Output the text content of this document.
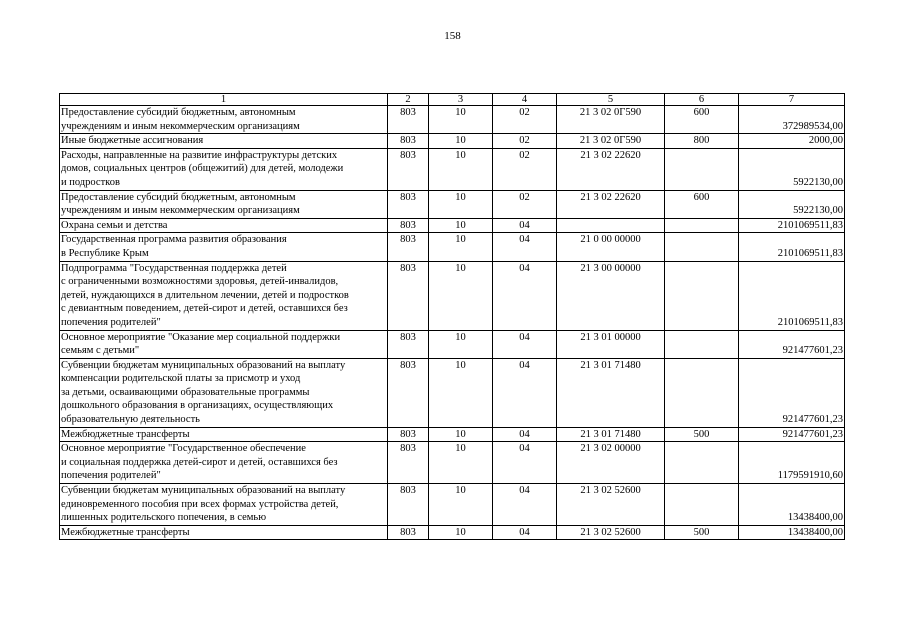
158
1	2	3	4	5	6	7

Предоставление субсидий бюджетным, автономным
учреждениям и иным некоммерческим организациям	803	10	02	21 3 02 0Г590	600	372989534,00

Иные бюджетные ассигнования	803	10	02	21 3 02 0Г590	800	2000,00

Расходы, направленные на развитие инфраструктуры детских
домов, социальных центров (общежитий) для детей, молодежи
и подростков	803	10	02	21 3 02 22620		5922130,00

Предоставление субсидий бюджетным, автономным
учреждениям и иным некоммерческим организациям	803	10	02	21 3 02 22620	600	5922130,00

Охрана семьи и детства	803	10	04			2101069511,83

Государственная программа развития образования
в Республике Крым	803	10	04	21 0 00 00000		2101069511,83

Подпрограмма "Государственная поддержка детей
с ограниченными возможностями здоровья, детей-инвалидов,
детей, нуждающихся в длительном лечении, детей и подростков
с девиантным поведением, детей-сирот и детей, оставшихся без
попечения родителей"	803	10	04	21 3 00 00000		2101069511,83

Основное мероприятие "Оказание мер социальной поддержки
семьям с детьми"	803	10	04	21 3 01 00000		921477601,23

Субвенции бюджетам муниципальных образований на выплату
компенсации родительской платы за присмотр и уход
за детьми, осваивающими образовательные программы
дошкольного образования в организациях, осуществляющих
образовательную деятельность	803	10	04	21 3 01 71480		921477601,23

Межбюджетные трансферты	803	10	04	21 3 01 71480	500	921477601,23

Основное мероприятие "Государственное обеспечение
и социальная поддержка детей-сирот и детей, оставшихся без
попечения родителей"	803	10	04	21 3 02 00000		1179591910,60

Субвенции бюджетам муниципальных образований на выплату
единовременного пособия при всех формах устройства детей,
лишенных родительского попечения, в семью	803	10	04	21 3 02 52600		13438400,00

Межбюджетные трансферты	803	10	04	21 3 02 52600	500	13438400,00
